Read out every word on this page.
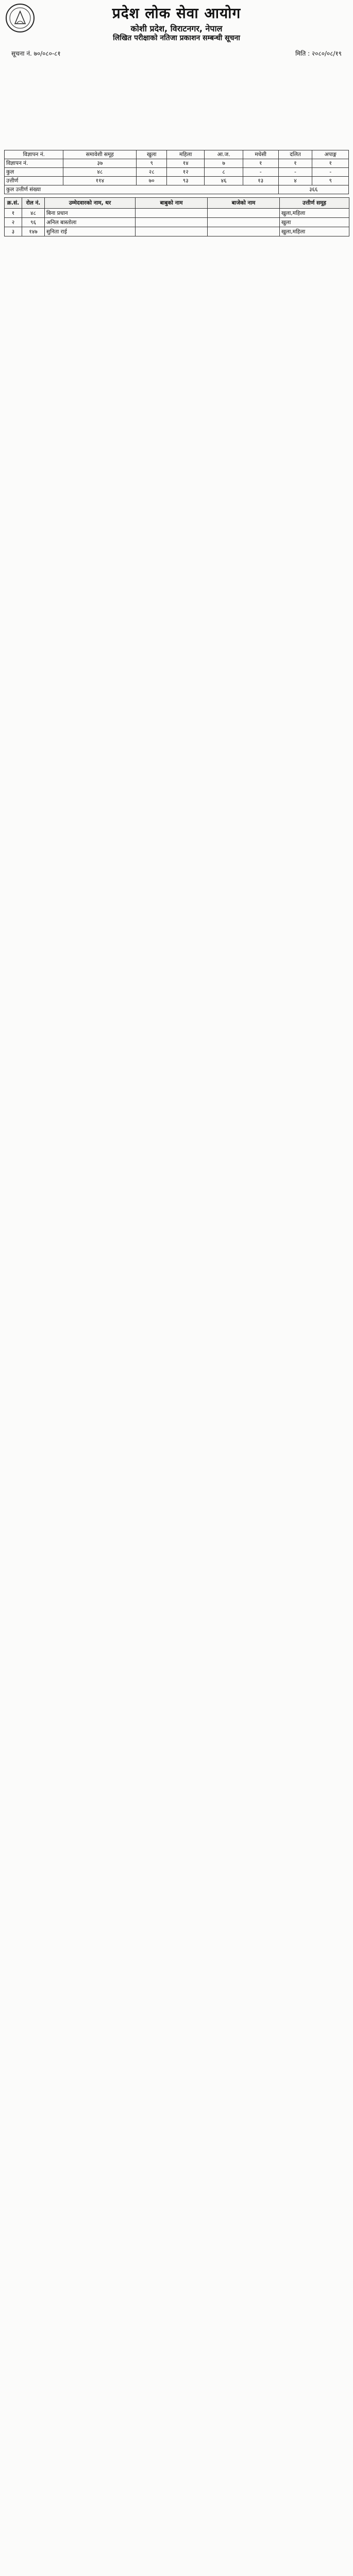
प्रदेश लोक सेवा आयोग
कोशी प्रदेश, विराटनगर, नेपाल
लिखित परीक्षाको नतिजा प्रकाशन सम्बन्धी सूचना
सूचना नं. ७०/०८०-८१	मिति : २०८०/०८/१९
विज्ञापन नं.	समावेशी समूह	खुला	महिला	आ.ज.	मधेसी	दलित	अपाङ्ग
विज्ञापन नं.	३७	९	१४	७	१	१	१
कुल	४८	२८	१२	८	-	-	-
उत्तीर्ण	११४	७०	९३	४६	१३	४	९
कुल उत्तीर्ण संख्या						३६६	
क्र.सं.	रोल नं.	उम्मेदवारको नाम, थर	बाबुको नाम	बाजेको नाम	उत्तीर्ण समूह
१	४८	बिना प्रधान			खुला,महिला
२	९६	अनिल बास्तोला			खुला
३	१४७	सुनिता राई			खुला,महिला
